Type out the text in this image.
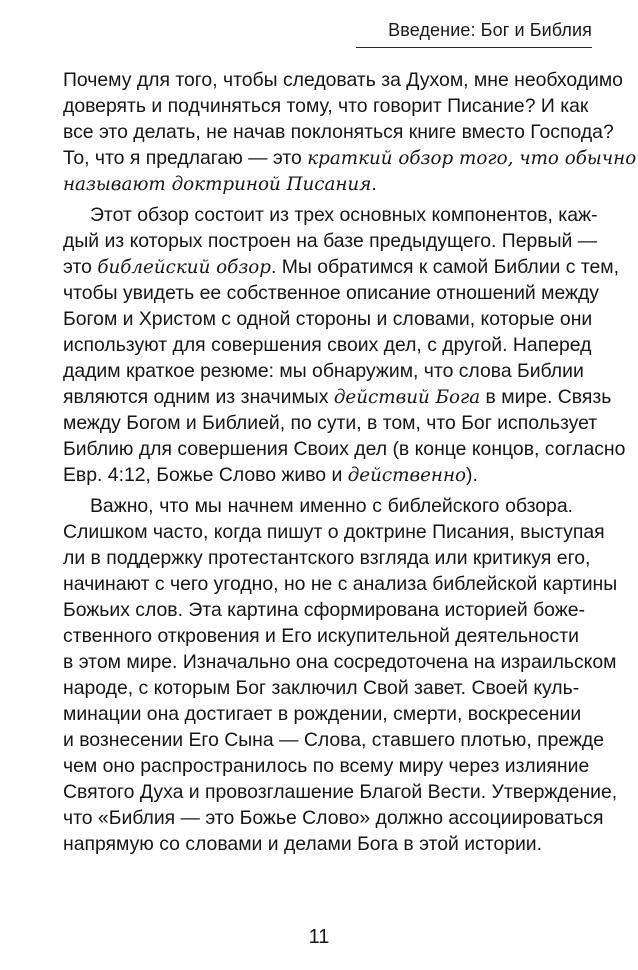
Введение: Бог и Библия
Почему для того, чтобы следовать за Духом, мне необходимо
доверять и подчиняться тому, что говорит Писание? И как
все это делать, не начав поклоняться книге вместо Господа?
То, что я предлагаю — это краткий обзор того, что обычно
называют доктриной Писания.
Этот обзор состоит из трех основных компонентов, каж-
дый из которых построен на базе предыдущего. Первый —
это библейский обзор. Мы обратимся к самой Библии с тем,
чтобы увидеть ее собственное описание отношений между
Богом и Христом с одной стороны и словами, которые они
используют для совершения своих дел, с другой. Наперед
дадим краткое резюме: мы обнаружим, что слова Библии
являются одним из значимых действий Бога в мире. Связь
между Богом и Библией, по сути, в том, что Бог использует
Библию для совершения Своих дел (в конце концов, согласно
Евр. 4:12, Божье Слово живо и действенно).
Важно, что мы начнем именно с библейского обзора.
Слишком часто, когда пишут о доктрине Писания, выступая
ли в поддержку протестантского взгляда или критикуя его,
начинают с чего угодно, но не с анализа библейской картины
Божьих слов. Эта картина сформирована историей боже-
ственного откровения и Его искупительной деятельности
в этом мире. Изначально она сосредоточена на израильском
народе, с которым Бог заключил Свой завет. Своей куль-
минации она достигает в рождении, смерти, воскресении
и вознесении Его Сына — Слова, ставшего плотью, прежде
чем оно распространилось по всему миру через излияние
Святого Духа и провозглашение Благой Вести. Утверждение,
что «Библия — это Божье Слово» должно ассоциироваться
напрямую со словами и делами Бога в этой истории.
11
